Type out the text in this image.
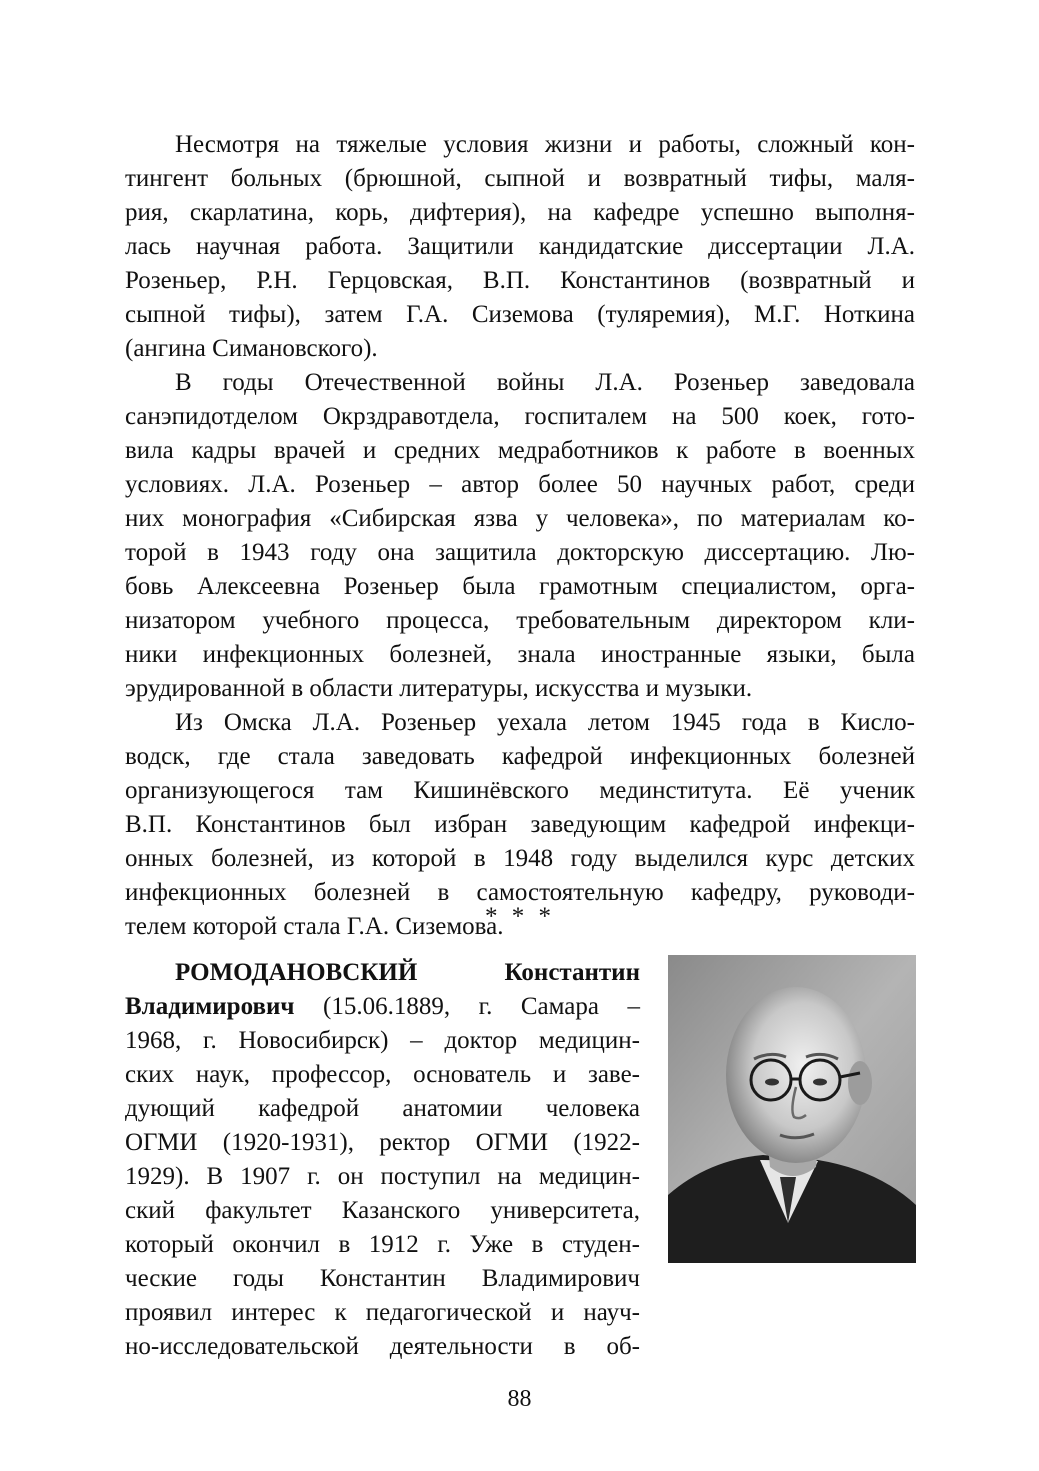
Несмотря на тяжелые условия жизни и работы, сложный кон-
тингент больных (брюшной, сыпной и возвратный тифы, маля-
рия, скарлатина, корь, дифтерия), на кафедре успешно выполня-
лась научная работа. Защитили кандидатские диссертации Л.А.
Розеньер, Р.Н. Герцовская, В.П. Константинов (возвратный и
сыпной тифы), затем Г.А. Сиземова (туляремия), М.Г. Ноткина
(ангина Симановского).
В годы Отечественной войны Л.А. Розеньер заведовала
санэпидотделом Окрздравотдела, госпиталем на 500 коек, гото-
вила кадры врачей и средних медработников к работе в военных
условиях. Л.А. Розеньер – автор более 50 научных работ, среди
них монография «Сибирская язва у человека», по материалам ко-
торой в 1943 году она защитила докторскую диссертацию. Лю-
бовь Алексеевна Розеньер была грамотным специалистом, орга-
низатором учебного процесса, требовательным директором кли-
ники инфекционных болезней, знала иностранные языки, была
эрудированной в области литературы, искусства и музыки.
Из Омска Л.А. Розеньер уехала летом 1945 года в Кисло-
водск, где стала заведовать кафедрой инфекционных болезней
организующегося там Кишинёвского мединститута. Её ученик
В.П. Константинов был избран заведующим кафедрой инфекци-
онных болезней, из которой в 1948 году выделился курс детских
инфекционных болезней в самостоятельную кафедру, руководи-
телем которой стала Г.А. Сиземова.
* * *
РОМОДАНОВСКИЙ	Константин
Владимирович (15.06.1889, г. Самара –
1968, г. Новосибирск) – доктор медицин-
ских наук, профессор, основатель и заве-
дующий кафедрой анатомии человека
ОГМИ (1920-1931), ректор ОГМИ (1922-
1929). В 1907 г. он поступил на медицин-
ский факультет Казанского университета,
который окончил в 1912 г. Уже в студен-
ческие годы Константин Владимирович
проявил интерес к педагогической и науч-
но-исследовательской деятельности в об-
88
